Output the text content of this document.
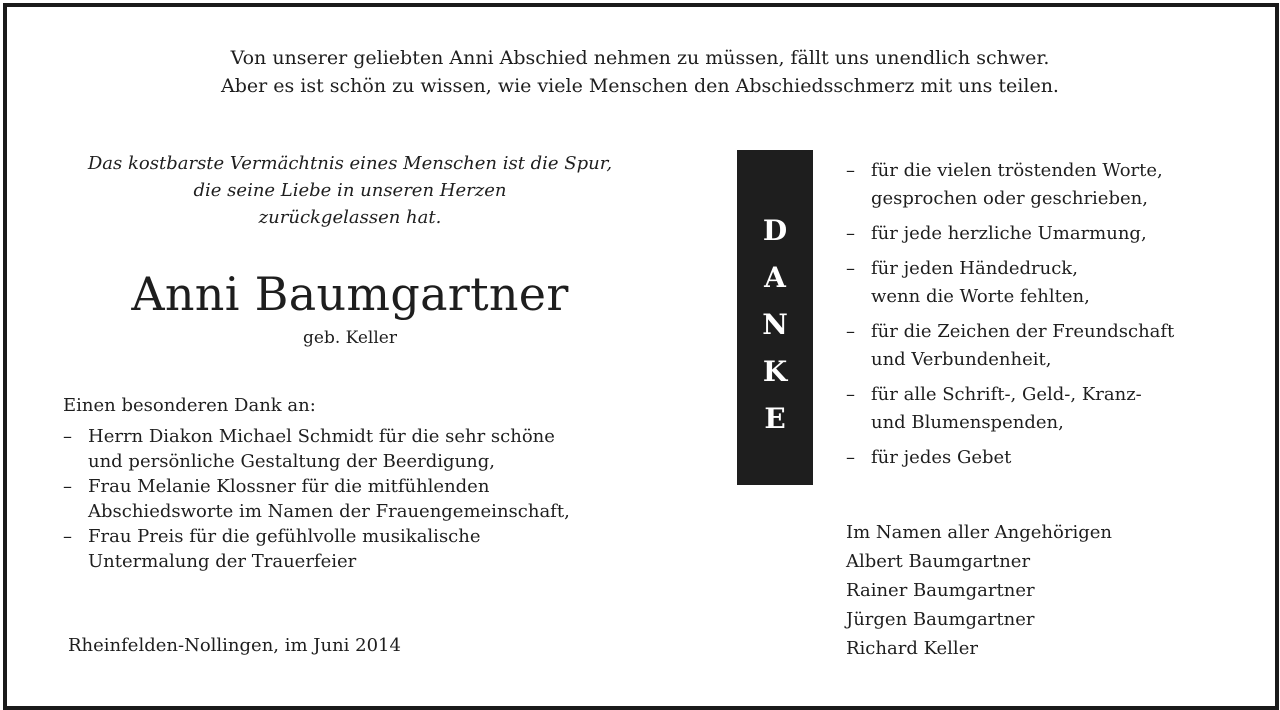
Von unserer geliebten Anni Abschied nehmen zu müssen, fällt uns unendlich schwer.
Aber es ist schön zu wissen, wie viele Menschen den Abschiedsschmerz mit uns teilen.
Das kostbarste Vermächtnis eines Menschen ist die Spur,
die seine Liebe in unseren Herzen
zurückgelassen hat.
Anni Baumgartner
geb. Keller
Einen besonderen Dank an:
– Herrn Diakon Michael Schmidt für die sehr schöne
und persönliche Gestaltung der Beerdigung,
– Frau Melanie Klossner für die mitfühlenden
Abschiedsworte im Namen der Frauengemeinschaft,
– Frau Preis für die gefühlvolle musikalische
Untermalung der Trauerfeier
Rheinfelden-Nollingen, im Juni 2014
D
A
N
K
E
– für die vielen tröstenden Worte,
gesprochen oder geschrieben,
– für jede herzliche Umarmung,
– für jeden Händedruck,
wenn die Worte fehlten,
– für die Zeichen der Freundschaft
und Verbundenheit,
– für alle Schrift-, Geld-, Kranz-
und Blumenspenden,
– für jedes Gebet
Im Namen aller Angehörigen
Albert Baumgartner
Rainer Baumgartner
Jürgen Baumgartner
Richard Keller
